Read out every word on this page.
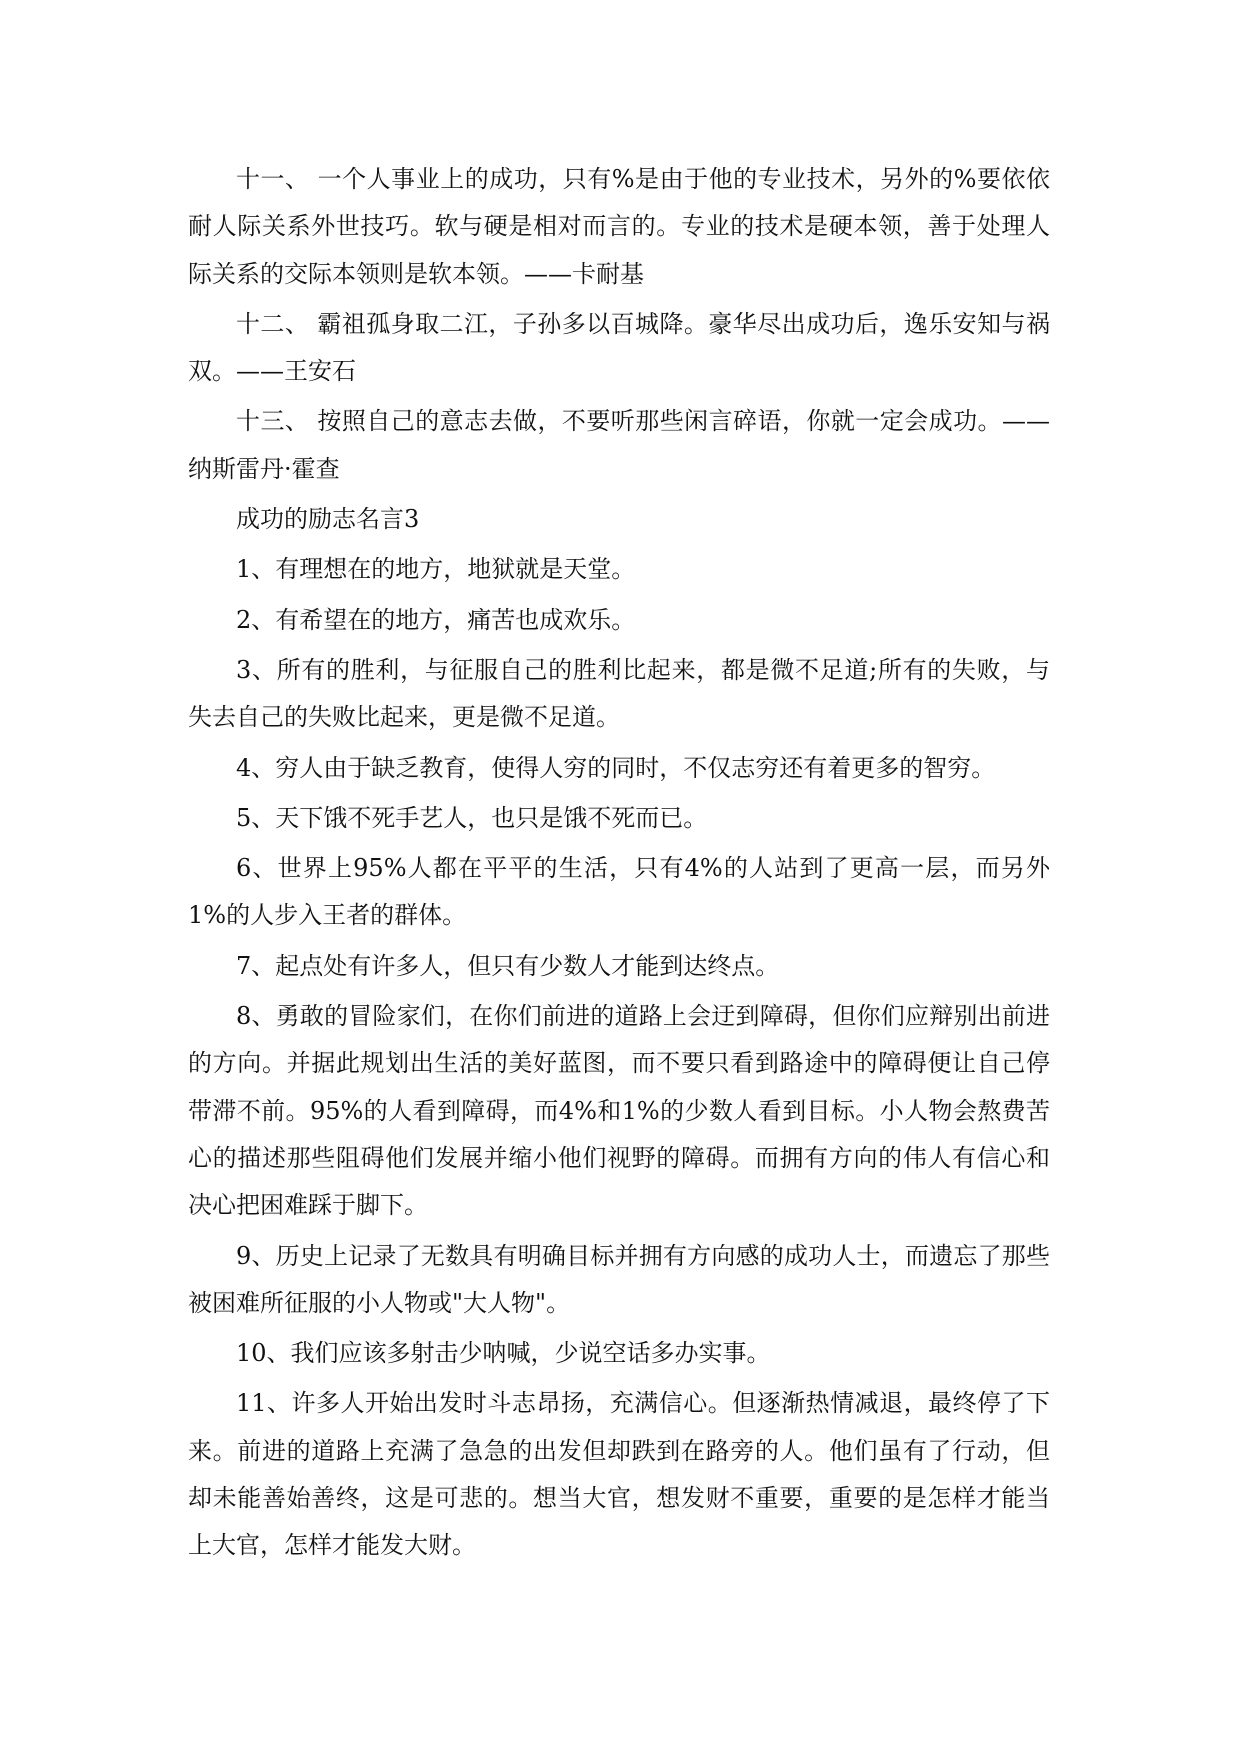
十一、 一个人事业上的成功，只有%是由于他的专业技术，另外的%要依依耐人际关系外世技巧。软与硬是相对而言的。专业的技术是硬本领，善于处理人际关系的交际本领则是软本领。——卡耐基

十二、 霸祖孤身取二江，子孙多以百城降。豪华尽出成功后，逸乐安知与祸双。——王安石

十三、 按照自己的意志去做，不要听那些闲言碎语，你就一定会成功。——纳斯雷丹·霍查

成功的励志名言3

1、有理想在的地方，地狱就是天堂。

2、有希望在的地方，痛苦也成欢乐。

3、所有的胜利，与征服自己的胜利比起来，都是微不足道;所有的失败，与失去自己的失败比起来，更是微不足道。

4、穷人由于缺乏教育，使得人穷的同时，不仅志穷还有着更多的智穷。

5、天下饿不死手艺人，也只是饿不死而已。

6、世界上95%人都在平平的生活，只有4%的人站到了更高一层，而另外1%的人步入王者的群体。

7、起点处有许多人，但只有少数人才能到达终点。

8、勇敢的冒险家们，在你们前进的道路上会迂到障碍，但你们应辩别出前进的方向。并据此规划出生活的美好蓝图，而不要只看到路途中的障碍便让自己停带滞不前。95%的人看到障碍，而4%和1%的少数人看到目标。小人物会熬费苦心的描述那些阻碍他们发展并缩小他们视野的障碍。而拥有方向的伟人有信心和决心把困难踩于脚下。

9、历史上记录了无数具有明确目标并拥有方向感的成功人士，而遗忘了那些被困难所征服的小人物或"大人物"。

10、我们应该多射击少呐喊，少说空话多办实事。

11、许多人开始出发时斗志昂扬，充满信心。但逐渐热情减退，最终停了下来。前进的道路上充满了急急的出发但却跌到在路旁的人。他们虽有了行动，但却未能善始善终，这是可悲的。想当大官，想发财不重要，重要的是怎样才能当上大官，怎样才能发大财。
